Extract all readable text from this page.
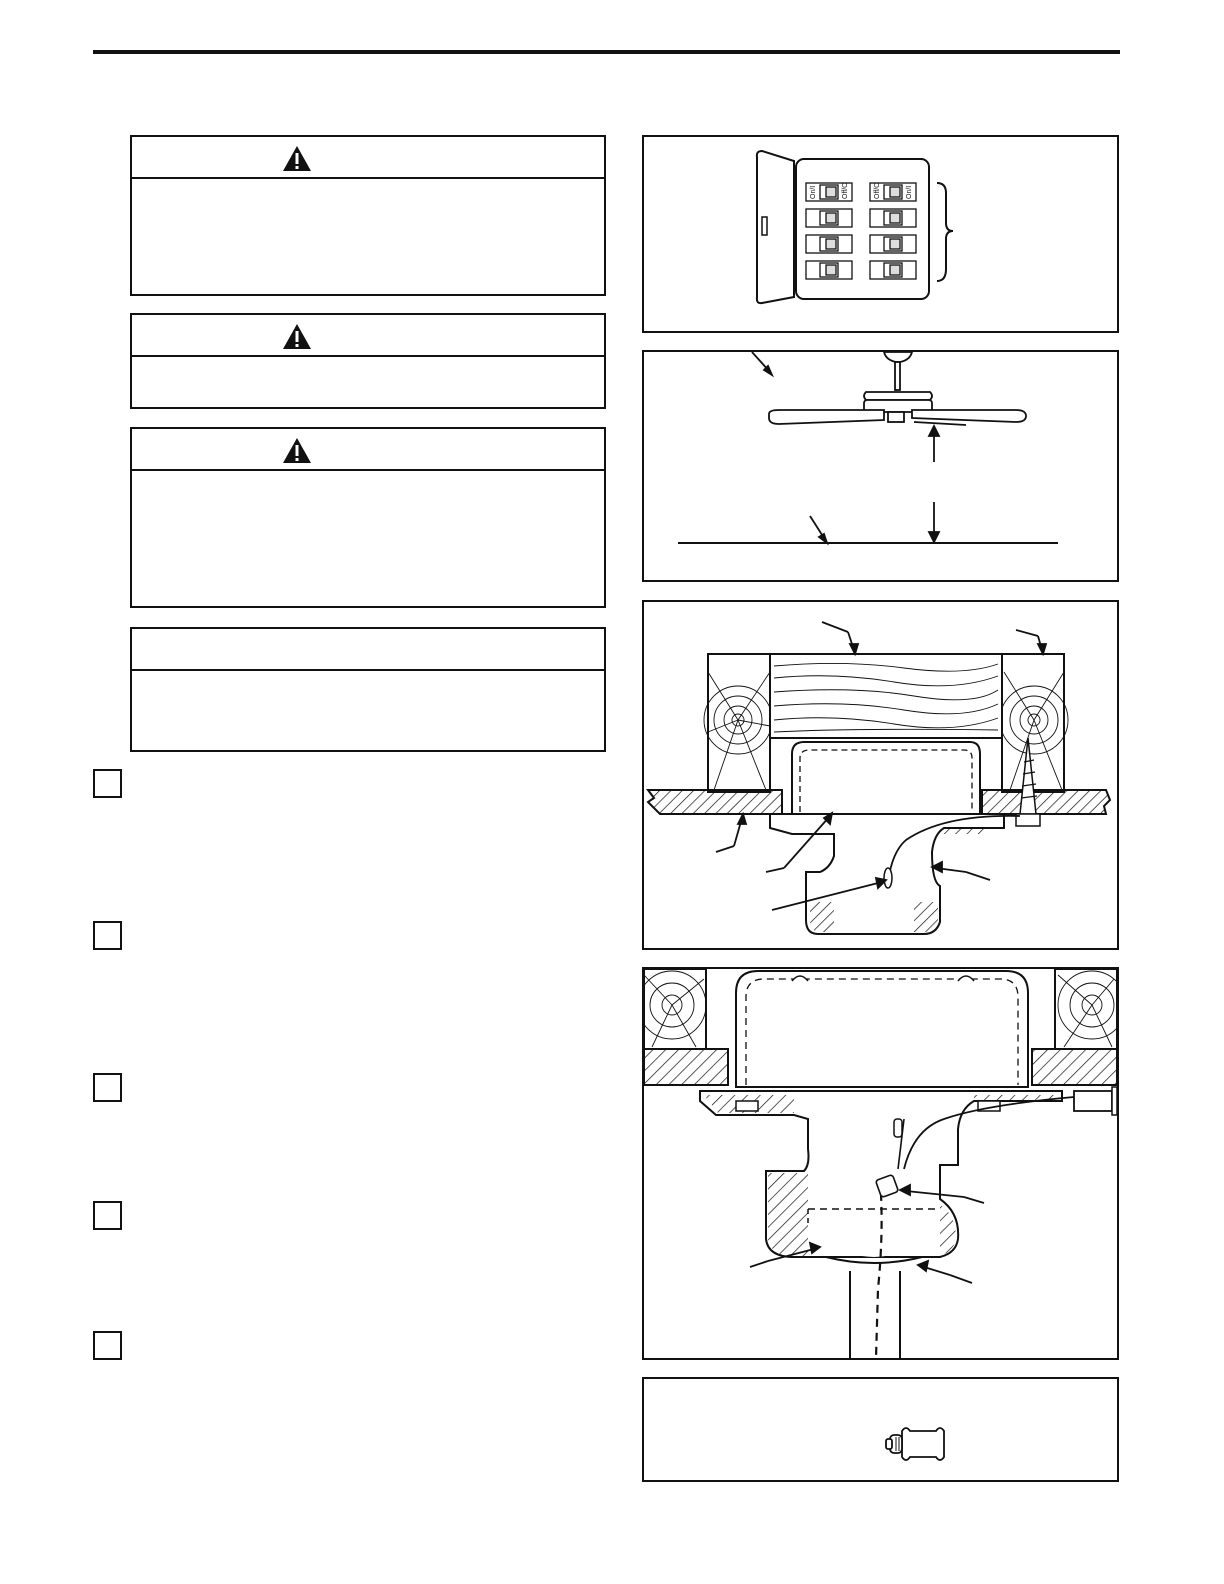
On/I	Off/O	Off/O	On/I
